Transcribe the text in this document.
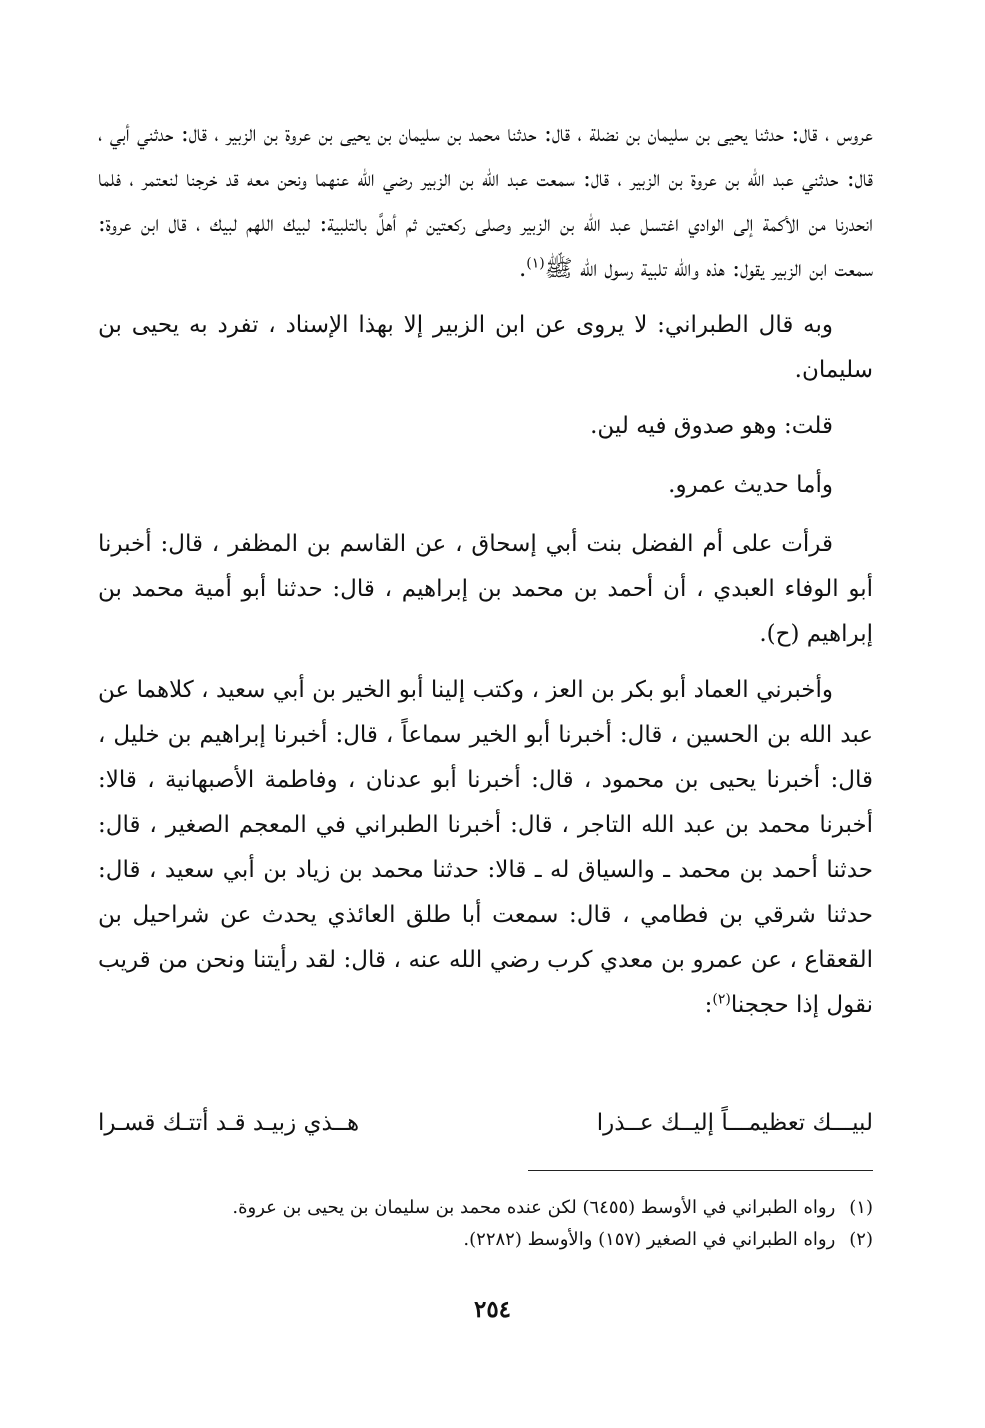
عروس ، قال: حدثنا يحيى بن سليمان بن نضلة ، قال: حدثنا محمد بن سليمان بن يحيى بن عروة بن الزبير ، قال: حدثني أبي ، قال: حدثني عبد الله بن عروة بن الزبير ، قال: سمعت عبد الله بن الزبير رضي الله عنهما ونحن معه قد خرجنا لنعتمر ، فلما انحدرنا من الأكمة إلى الوادي اغتسل عبد الله بن الزبير وصلى ركعتين ثم أهلَّ بالتلبية: لبيك اللهم لبيك ، قال ابن عروة: سمعت ابن الزبير يقول: هذه والله تلبية رسول الله ﷺ$^{(١)}$.

وبه قال الطبراني: لا يروى عن ابن الزبير إلا بهذا الإسناد ، تفرد به يحيى بن سليمان.

قلت: وهو صدوق فيه لين.

وأما حديث عمرو.

قرأت على أم الفضل بنت أبي إسحاق ، عن القاسم بن المظفر ، قال: أخبرنا أبو الوفاء العبدي ، أن أحمد بن محمد بن إبراهيم ، قال: حدثنا أبو أمية محمد بن إبراهيم (ح).

وأخبرني العماد أبو بكر بن العز ، وكتب إلينا أبو الخير بن أبي سعيد ، كلاهما عن عبد الله بن الحسين ، قال: أخبرنا أبو الخير سماعاً ، قال: أخبرنا إبراهيم بن خليل ، قال: أخبرنا يحيى بن محمود ، قال: أخبرنا أبو عدنان ، وفاطمة الأصبهانية ، قالا: أخبرنا محمد بن عبد الله التاجر ، قال: أخبرنا الطبراني في المعجم الصغير ، قال: حدثنا أحمد بن محمد ـ والسياق له ـ قالا: حدثنا محمد بن زياد بن أبي سعيد ، قال: حدثنا شرقي بن فطامي ، قال: سمعت أبا طلق العائذي يحدث عن شراحيل بن القعقاع ، عن عمرو بن معدي كرب رضي الله عنه ، قال: لقد رأيتنا ونحن من قريب نقول إذا حججنا$^{(٢)}$:

لبيـــك تعظيمـــاً إليــك عــذرا
هــذي زبيـد قـد أتتـك قسـرا

(١)رواه الطبراني في الأوسط (٦٤٥٥) لكن عنده محمد بن سليمان بن يحيى بن عروة.

(٢)رواه الطبراني في الصغير (١٥٧) والأوسط (٢٢٨٢).

٢٥٤
